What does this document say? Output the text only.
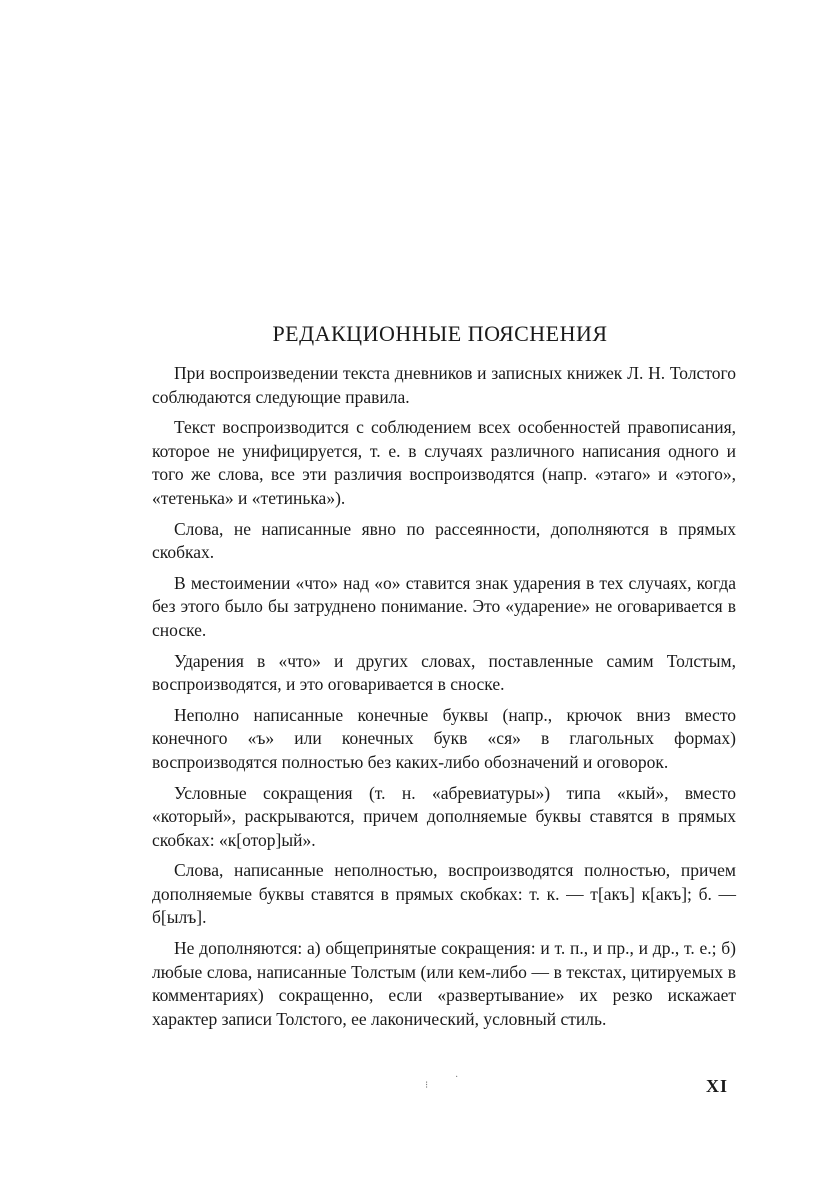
РЕДАКЦИОННЫЕ ПОЯСНЕНИЯ

При воспроизведении текста дневников и записных книжек Л. Н. Толстого соблюдаются следующие правила.

Текст воспроизводится с соблюдением всех особенностей правописания, которое не унифицируется, т. е. в случаях различного написания одного и того же слова, все эти различия воспроизводятся (напр. «этаго» и «этого», «тетенька» и «тетинька»).

Слова, не написанные явно по рассеянности, дополняются в прямых скобках.

В местоимении «что» над «о» ставится знак ударения в тех случаях, когда без этого было бы затруднено понимание. Это «ударение» не оговаривается в сноске.

Ударения в «что» и других словах, поставленные самим Толстым, воспроизводятся, и это оговаривается в сноске.

Неполно написанные конечные буквы (напр., крючок вниз вместо конечного «ъ» или конечных букв «ся» в глагольных формах) воспроизводятся полностью без каких-либо обозначений и оговорок.

Условные сокращения (т. н. «абревиатуры») типа «кый», вместо «который», раскрываются, причем дополняемые буквы ставятся в прямых скобках: «к[отор]ый».

Слова, написанные неполностью, воспроизводятся полностью, причем дополняемые буквы ставятся в прямых скобках: т. к. — т[акъ] к[акъ]; б. — б[ылъ].

Не дополняются: а) общепринятые сокращения: и т. п., и пр., и др., т. е.; б) любые слова, написанные Толстым (или кем-либо — в текстах, цитируемых в комментариях) сокращенно, если «развертывание» их резко искажает характер записи Толстого, ее лаконический, условный стиль.

⁝
·	XI
